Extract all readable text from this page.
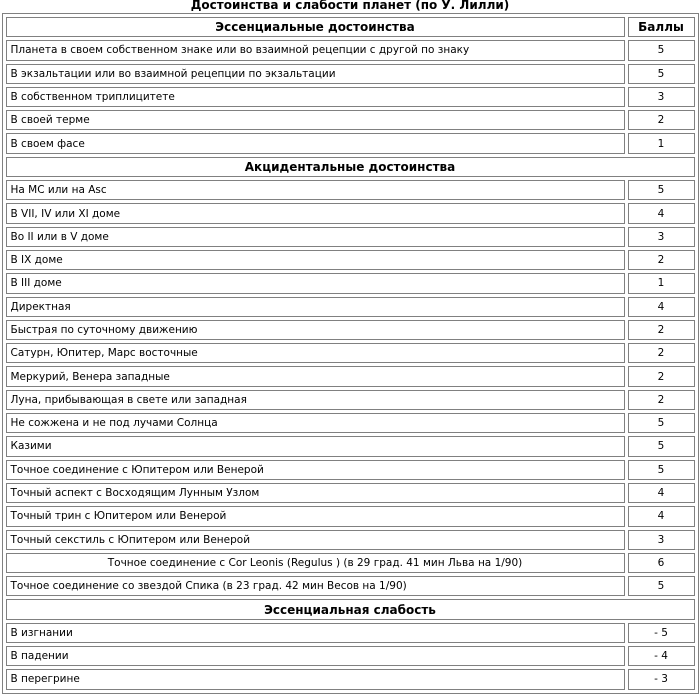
Достоинства и слабости планет (по У. Лилли)
Эссенциальные достоинства	Баллы
Планета в своем собственном знаке или во взаимной рецепции с другой по знаку	5
В экзальтации или во взаимной рецепции по экзальтации	5
В собственном триплицитете	3
В своей терме	2
В своем фасе	1
Акцидентальные достоинства	
На МС или на Asc	5
В VII, IV или XI доме	4
Во II или в V доме	3
В IX доме	2
В III доме	1
Директная	4
Быстрая по суточному движению	2
Сатурн, Юпитер, Марс восточные	2
Меркурий, Венера западные	2
Луна, прибывающая в свете или западная	2
Не сожжена и не под лучами Солнца	5
Казими	5
Точное соединение с Юпитером или Венерой	5
Точный аспект с Восходящим Лунным Узлом	4
Точный трин с Юпитером или Венерой	4
Точный секстиль с Юпитером или Венерой	3
Точное соединение с Cor Leonis (Regulus ) (в 29 град. 41 мин Льва на 1/90)	6
Точное соединение со звездой Спика (в 23 град. 42 мин Весов на 1/90)	5
Эссенциальная слабость	
В изгнании	- 5
В падении	- 4
В перегрине	- 3
